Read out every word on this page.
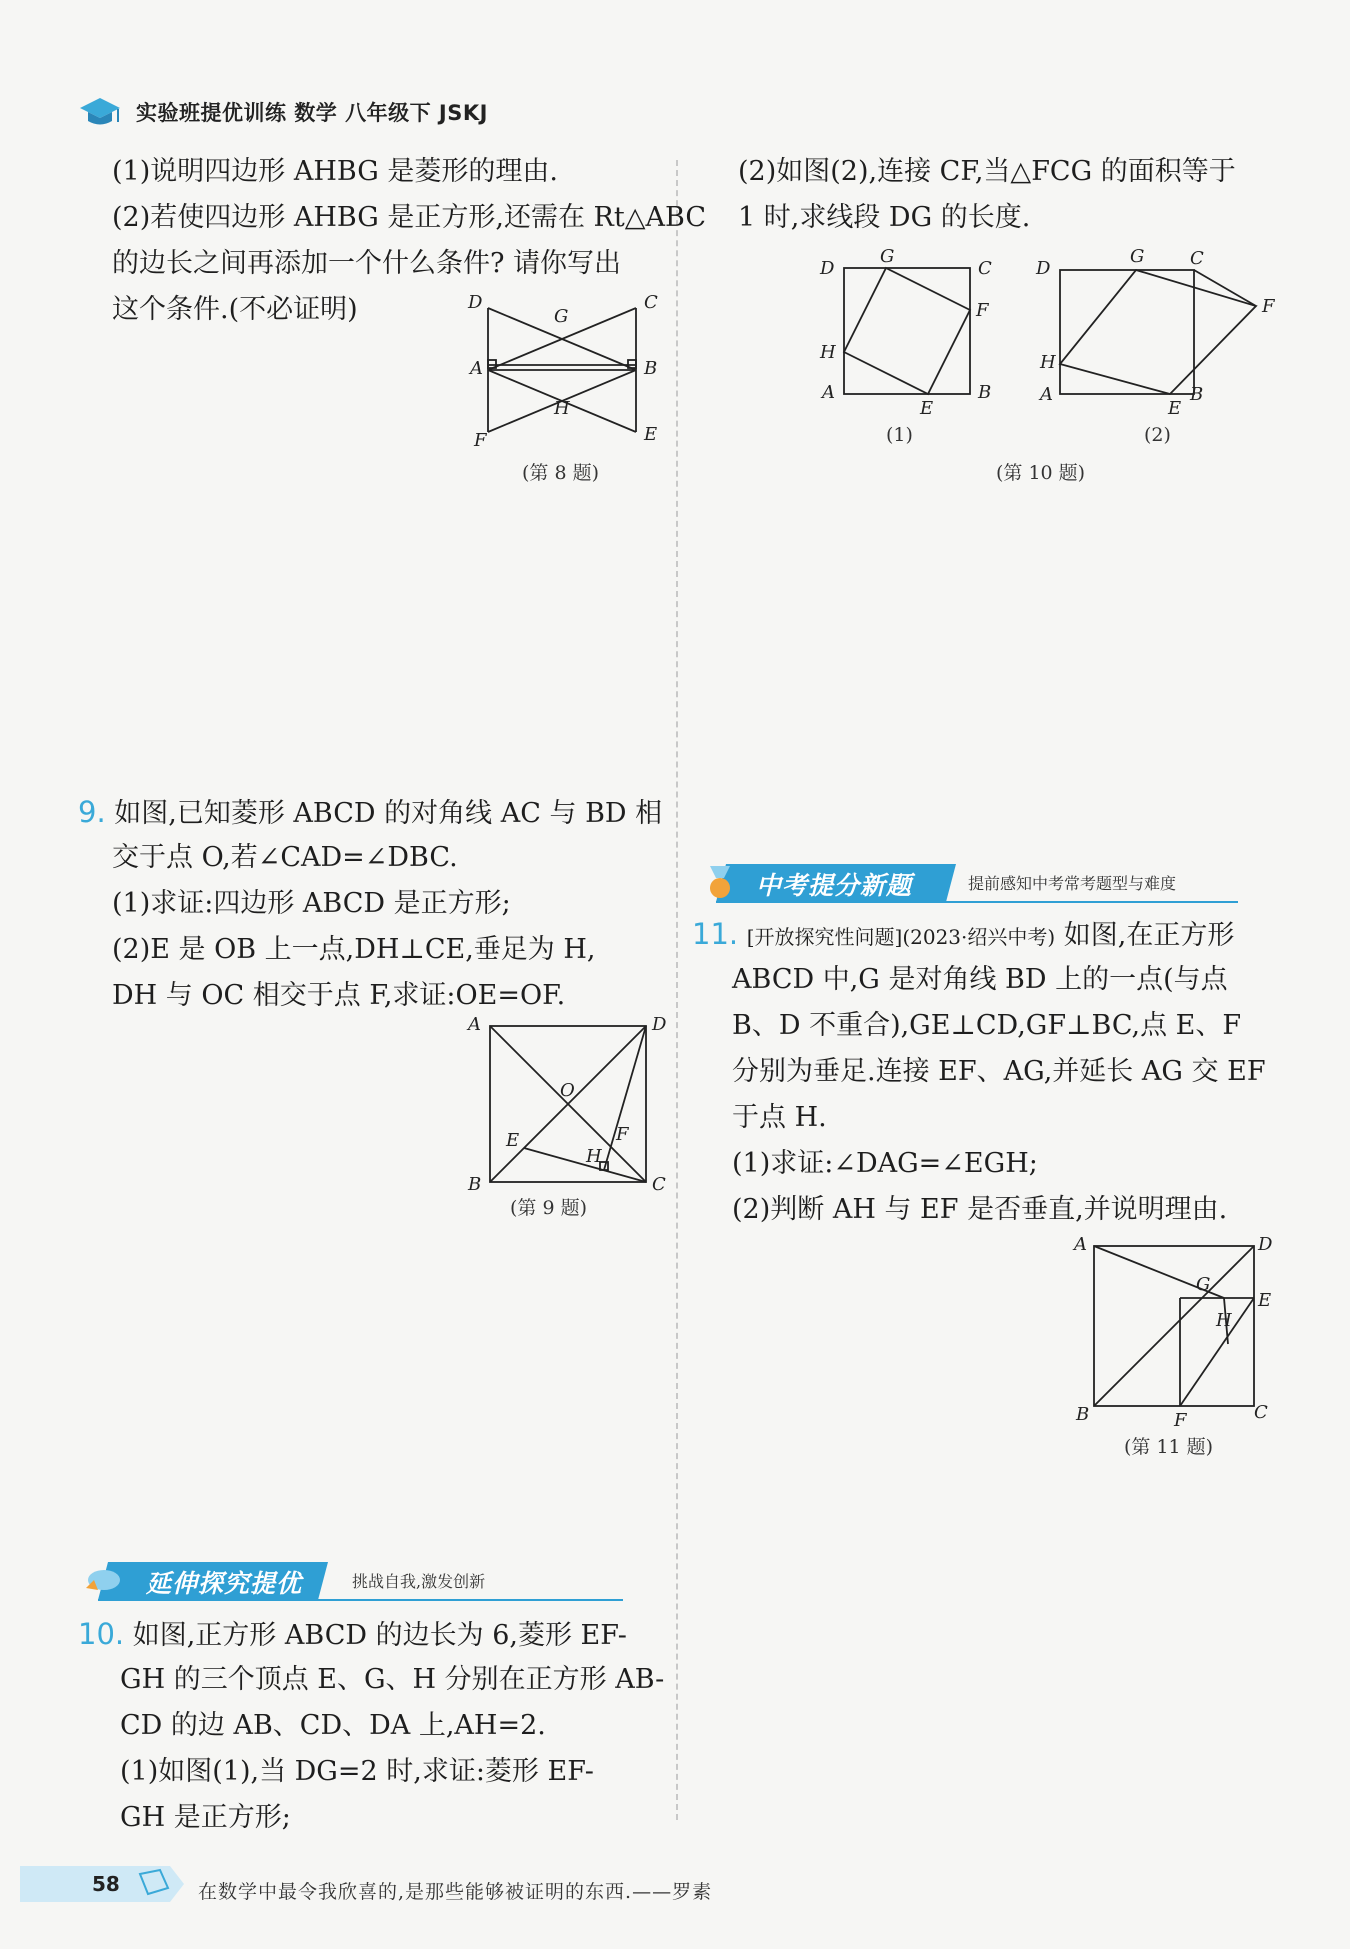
实验班提优训练 数学 八年级下 JSKJ
(1)说明四边形 AHBG 是菱形的理由.
(2)若使四边形 AHBG 是正方形,还需在 Rt△ABC
的边长之间再添加一个什么条件? 请你写出
这个条件.(不必证明)	D	C
G
A	B
H
F	E
(第 8 题)
9. 如图,已知菱形 ABCD 的对角线 AC 与 BD 相
交于点 O,若∠CAD=∠DBC.
(1)求证:四边形 ABCD 是正方形;
(2)E 是 OB 上一点,DH⊥CE,垂足为 H,
DH 与 OC 相交于点 F,求证:OE=OF.
A	D
O
E
H
F
B	C
(第 9 题)
延伸探究提优	挑战自我,激发创新
10. 如图,正方形 ABCD 的边长为 6,菱形 EF-
GH 的三个顶点 E、G、H 分别在正方形 AB-
CD 的边 AB、CD、DA 上,AH=2.
(1)如图(1),当 DG=2 时,求证:菱形 EF-
GH 是正方形;
(2)如图(2),连接 CF,当△FCG 的面积等于
1 时,求线段 DG 的长度.
D
G
C
F
H
A
E
B
(1)
D
G	C
F
H
A
E
B
(2)
(第 10 题)
中考提分新题	提前感知中考常考题型与难度
11. [开放探究性问题](2023·绍兴中考) 如图,在正方形
ABCD 中,G 是对角线 BD 上的一点(与点
B、D 不重合),GE⊥CD,GF⊥BC,点 E、F
分别为垂足.连接 EF、AG,并延长 AG 交 EF
于点 H.
(1)求证:∠DAG=∠EGH;
(2)判断 AH 与 EF 是否垂直,并说明理由.
A	D
G
E
H
B	F	C
(第 11 题)
58	在数学中最令我欣喜的,是那些能够被证明的东西.——罗素
